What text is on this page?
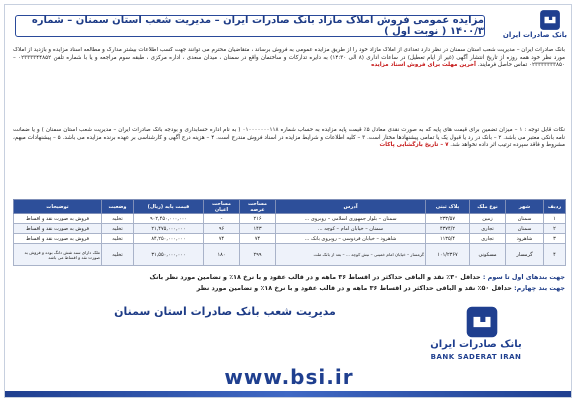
بانک صادرات ایران
مزایده عمومی فروش املاک مازاد بانک صادرات ایران – مدیریت شعب استان سمنان – شماره ۱۴۰۰/۳ ( نوبت اول )
بانک صادرات ایران – مدیریت شعب استان سمنان در نظر دارد تعدادی از املاک مازاد خود را از طریق مزایده عمومی به فروش برساند ، متقاضیان محترم می توانند جهت کسب اطلاعات بیشتر مدارک و مطالعه اسناد مزایده و بازدید از املاک مورد نظر خود همه روزه از تاریخ انتشار آگهی (غیر از ایام تعطیل) در ساعات اداری (۸ الی ۱۴:۳۰) به دایره تدارکات و ساختمان واقع در سمنان ، میدان سعدی ، اداره مرکزی ، طبقه سوم مراجعه و یا با شماره تلفن ۰۲۳۳۳۳۴۴۸۵۲ – ۰۲۳۳۳۳۳۳۳۸۵۰ تماس حاصل فرمایند. آخرین مهلت برای فروش اسناد مزایده
نکات قابل توجه : ۱ – میزان تضمین برای قیمت های پایه که به صورت نقدی معادل ۵٪ قیمت پایه مزایده به حساب شماره ۰۱۰۰۰۰۰۰۰۱۱۸ ( به نام اداره حسابداری و بودجه بانک صادرات ایران – مدیریت شعب استان سمنان ) و یا ضمانت نامه بانکی معتبر می باشد. ۲ – بانک در رد یا قبول یک یا تمامی پیشنهادها مختار است. ۳ – کلیه اطلاعات و شرایط مزایده در اسناد فروش مندرج است. ۴ – هزینه درج آگهی و کارشناسی بر عهده برنده مزایده می باشد. ۵ – پیشنهادات مبهم، مشروط و فاقد سپرده ترتیب اثر داده نخواهد شد. ۷ – تاریخ بازگشایی پاکات
ردیف	شهر	نوع ملک	پلاک ثبتی	آدرس	مساحت عرصه	مساحت اعیان	قیمت پایه (ریال)	وضعیت	توضیحات
۱	سمنان	زمین	۲۳۳/۵۷	سمنان – بلوار جمهوری اسلامی – روبروی ...	۲۱۶	-	۹۰۲,۴۵۰,۰۰۰,۰۰۰	تخلیه	فروش به صورت نقد و اقساط
۲	سمنان	تجاری	۴۳۷۴/۲	سمنان – خیابان امام – کوچه ...	۱۴۳	۹۶	۲۱,۴۷۵,۰۰۰,۰۰۰	تخلیه	فروش به صورت نقد و اقساط
۳	شاهرود	تجاری	۱۱۳۵/۴	شاهرود – خیابان فردوسی – روبروی بانک ...	۷۴	۷۴	۸۴,۲۵۰,۰۰۰,۰۰۰	تخلیه	فروش به صورت نقد و اقساط
۴	گرمسار	مسکونی	۱۰۱/۲۳۶۷	گرمسار – خیابان امام خمینی – نبش کوچه ... – بعد از بانک ملت	۲۹۹	۱۸۰	۳۱,۵۵۰,۰۰۰,۰۰۰	تخلیه	ملک دارای سند شش دانگ بوده و فروش به صورت نقد و اقساط می باشد
جهت بندهای اول تا سوم : حداقل ۳۰٪ نقد و الباقی حداکثر در اقساط ۳۶ ماهه و در قالب عقود و با نرخ ۱۸٪ و تضامین مورد نظر بانک
جهت بند چهارم: حداقل ۵۰٪ نقد و الباقی حداکثر در اقساط ۳۶ ماهه و در قالب عقود و با نرخ ۱۸٪ و تضامین مورد نظر
مدیریت شعب بانک صادرات استان سمنان
بانک صادرات ایران
BANK SADERAT IRAN
www.bsi.ir
